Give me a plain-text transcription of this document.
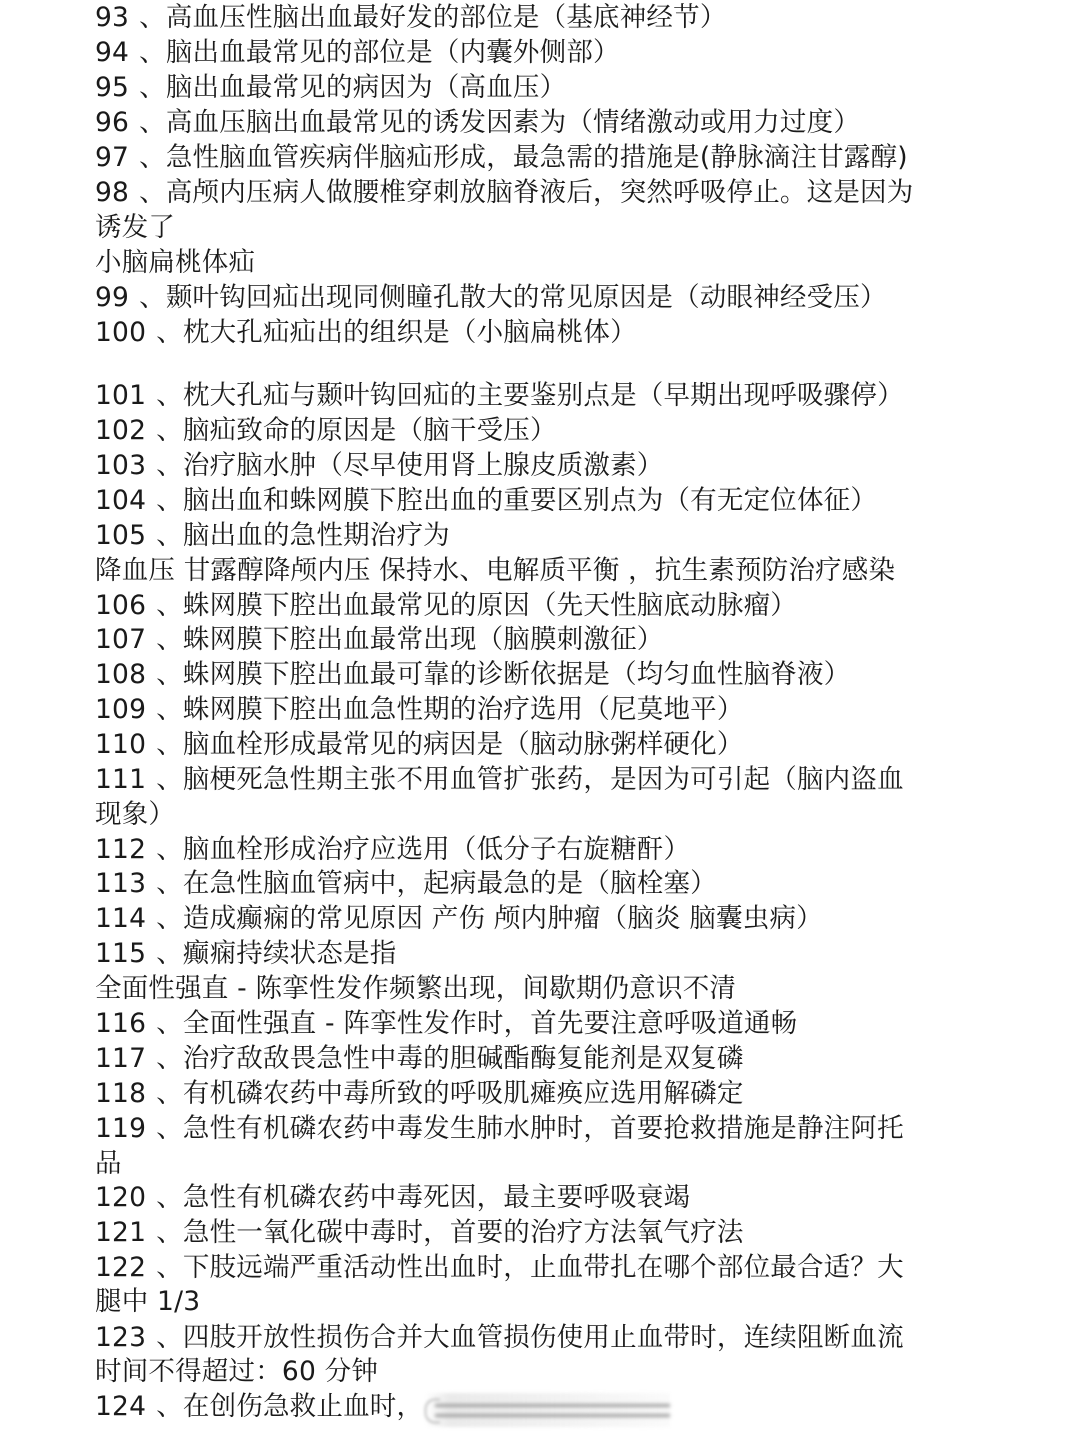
93 、高血压性脑出血最好发的部位是（基底神经节）
94 、脑出血最常见的部位是（内囊外侧部）
95 、脑出血最常见的病因为（高血压）
96 、高血压脑出血最常见的诱发因素为（情绪激动或用力过度）
97 、急性脑血管疾病伴脑疝形成，最急需的措施是(静脉滴注甘露醇)
98 、高颅内压病人做腰椎穿刺放脑脊液后，突然呼吸停止。这是因为
诱发了
小脑扁桃体疝
99 、颞叶钩回疝出现同侧瞳孔散大的常见原因是（动眼神经受压）
100 、枕大孔疝疝出的组织是（小脑扁桃体）
101 、枕大孔疝与颞叶钩回疝的主要鉴别点是（早期出现呼吸骤停）
102 、脑疝致命的原因是（脑干受压）
103 、治疗脑水肿（尽早使用肾上腺皮质激素）
104 、脑出血和蛛网膜下腔出血的重要区别点为（有无定位体征）
105 、脑出血的急性期治疗为
降血压 甘露醇降颅内压 保持水、电解质平衡 ，抗生素预防治疗感染
106 、蛛网膜下腔出血最常见的原因（先天性脑底动脉瘤）
107 、蛛网膜下腔出血最常出现（脑膜刺激征）
108 、蛛网膜下腔出血最可靠的诊断依据是（均匀血性脑脊液）
109 、蛛网膜下腔出血急性期的治疗选用（尼莫地平）
110 、脑血栓形成最常见的病因是（脑动脉粥样硬化）
111 、脑梗死急性期主张不用血管扩张药，是因为可引起（脑内盗血
现象）
112 、脑血栓形成治疗应选用（低分子右旋糖酐）
113 、在急性脑血管病中，起病最急的是（脑栓塞）
114 、造成癫痫的常见原因 产伤 颅内肿瘤（脑炎 脑囊虫病）
115 、癫痫持续状态是指
全面性强直 - 陈挛性发作频繁出现，间歇期仍意识不清
116 、全面性强直 - 阵挛性发作时，首先要注意呼吸道通畅
117 、治疗敌敌畏急性中毒的胆碱酯酶复能剂是双复磷
118 、有机磷农药中毒所致的呼吸肌瘫痪应选用解磷定
119 、急性有机磷农药中毒发生肺水肿时，首要抢救措施是静注阿托
品
120 、急性有机磷农药中毒死因，最主要呼吸衰竭
121 、急性一氧化碳中毒时，首要的治疗方法氧气疗法
122 、下肢远端严重活动性出血时，止血带扎在哪个部位最合适？大
腿中 1/3
123 、四肢开放性损伤合并大血管损伤使用止血带时，连续阻断血流
时间不得超过：60 分钟
124 、在创伤急救止血时，
